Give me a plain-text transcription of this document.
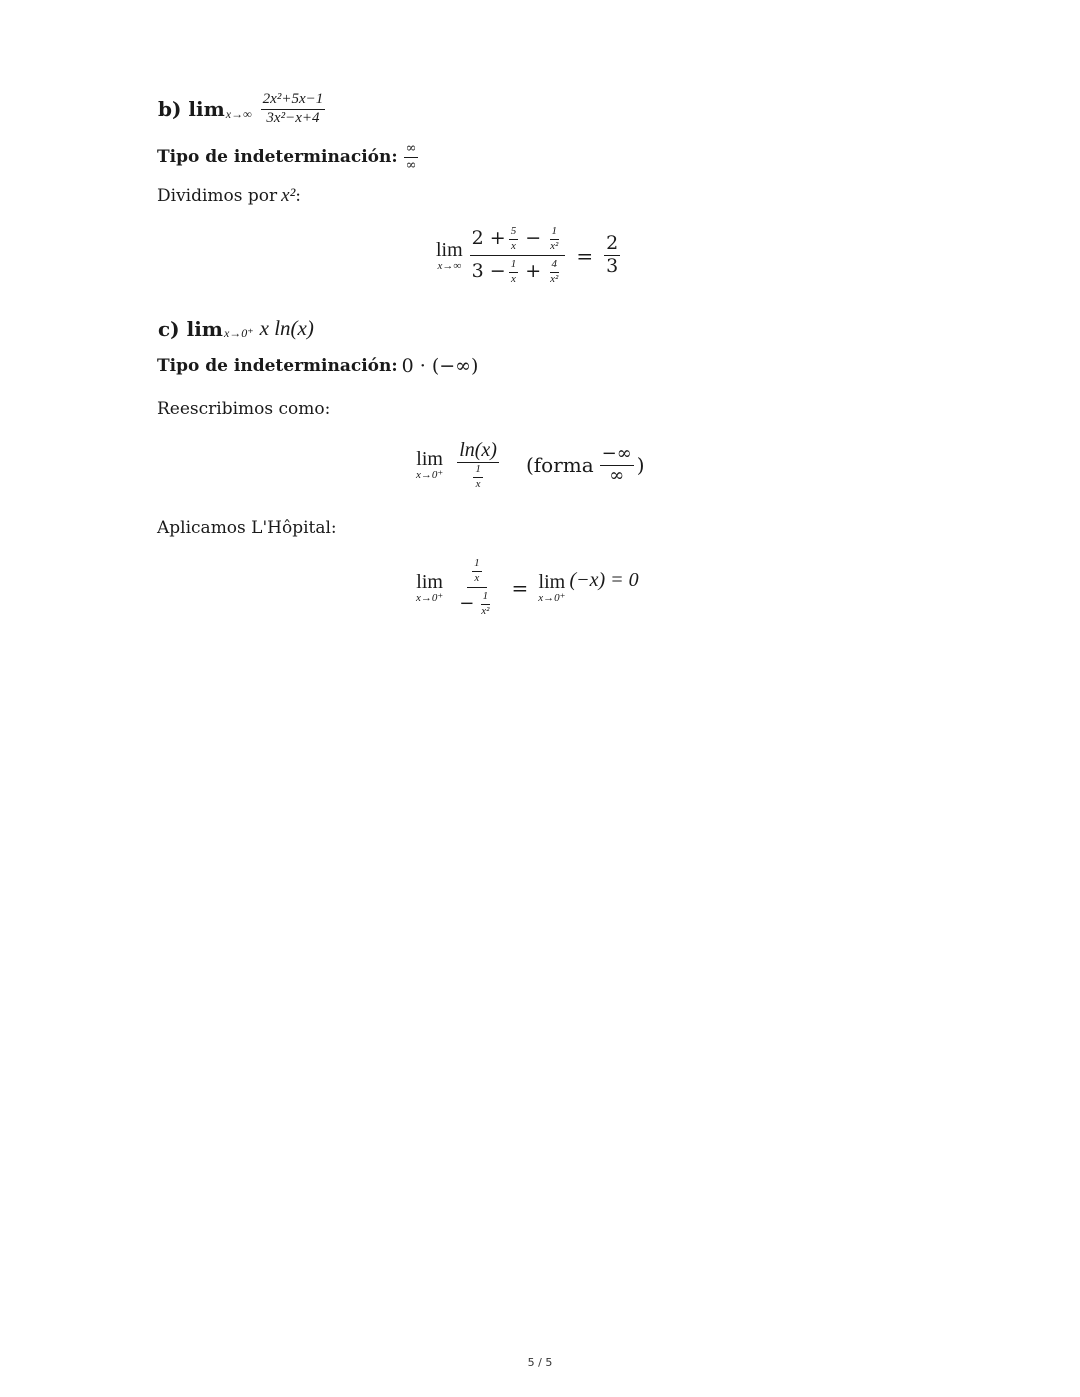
b) $\lim x\to\infty \frac{\text{2x²+5x−1}}{\text{3x²−x+4}}$
Tipo de indeterminación: $\frac{\infty}{\infty}$
Dividimos por x²:
lim
x→∞
$2 + \frac{5}{x} - \frac{1}{\text{x²}}$
$3 - \frac{1}{x} + \frac{4}{\text{x²}}$
= $\frac{2}{3}$
c) lim x→0⁺ x ln(x)
Tipo de indeterminación: 0 · (−∞)
Reescribimos como:
lim
$x\to 0^+ \frac{\ln(x)}{\frac{1}{x}}$ (forma $\frac{-\infty}{\infty}$ )
Aplicamos L'Hôpital:
lim
$x\to 0^+ \frac{\frac{1}{x}}{- \frac{1}{\text{x²}}} = \lim$
x→0⁺
(−x) = 0
5 / 5
